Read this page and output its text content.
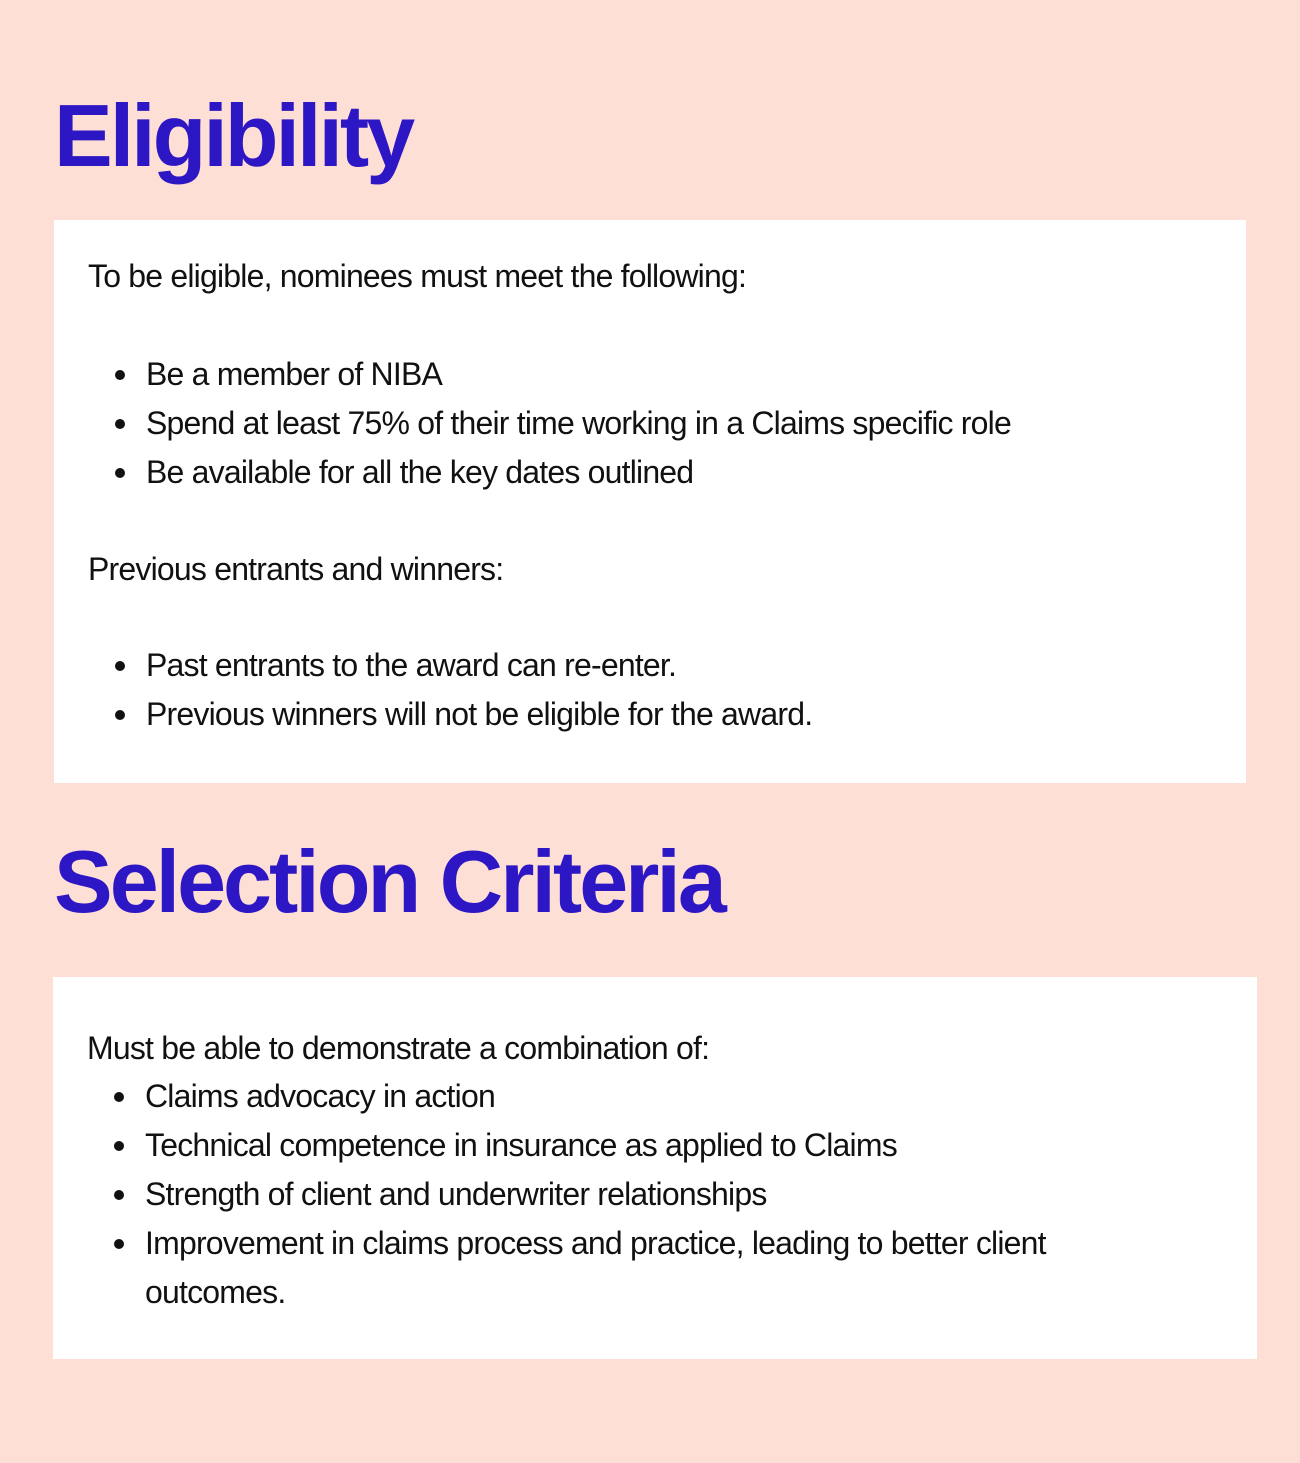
Eligibility

To be eligible, nominees must meet the following:

Be a member of NIBA
Spend at least 75% of their time working in a Claims specific role
Be available for all the key dates outlined

Previous entrants and winners:

Past entrants to the award can re-enter.
Previous winners will not be eligible for the award.
Selection Criteria

Must be able to demonstrate a combination of:

Claims advocacy in action
Technical competence in insurance as applied to Claims
Strength of client and underwriter relationships
Improvement in claims process and practice, leading to better client outcomes.
